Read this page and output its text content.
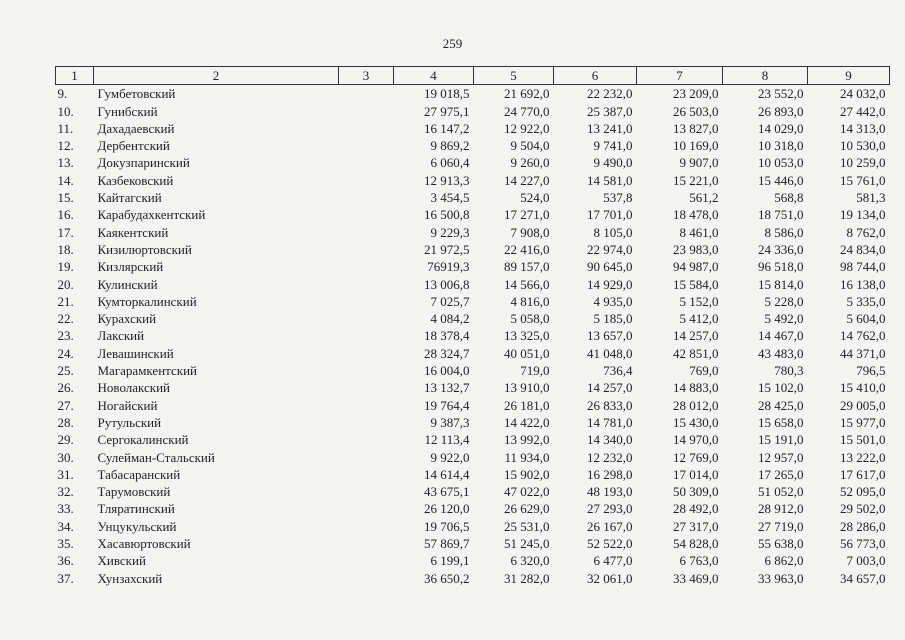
259
1	2	3	4	5	6	7	8	9
9.	Гумбетовский		19 018,5	21 692,0	22 232,0	23 209,0	23 552,0	24 032,0
10.	Гунибский		27 975,1	24 770,0	25 387,0	26 503,0	26 893,0	27 442,0
11.	Дахадаевский		16 147,2	12 922,0	13 241,0	13 827,0	14 029,0	14 313,0
12.	Дербентский		9 869,2	9 504,0	9 741,0	10 169,0	10 318,0	10 530,0
13.	Докузпаринский		6 060,4	9 260,0	9 490,0	9 907,0	10 053,0	10 259,0
14.	Казбековский		12 913,3	14 227,0	14 581,0	15 221,0	15 446,0	15 761,0
15.	Кайтагский		3 454,5	524,0	537,8	561,2	568,8	581,3
16.	Карабудахкентский		16 500,8	17 271,0	17 701,0	18 478,0	18 751,0	19 134,0
17.	Каякентский		9 229,3	7 908,0	8 105,0	8 461,0	8 586,0	8 762,0
18.	Кизилюртовский		21 972,5	22 416,0	22 974,0	23 983,0	24 336,0	24 834,0
19.	Кизлярский		76919,3	89 157,0	90 645,0	94 987,0	96 518,0	98 744,0
20.	Кулинский		13 006,8	14 566,0	14 929,0	15 584,0	15 814,0	16 138,0
21.	Кумторкалинский		7 025,7	4 816,0	4 935,0	5 152,0	5 228,0	5 335,0
22.	Курахский		4 084,2	5 058,0	5 185,0	5 412,0	5 492,0	5 604,0
23.	Лакский		18 378,4	13 325,0	13 657,0	14 257,0	14 467,0	14 762,0
24.	Левашинский		28 324,7	40 051,0	41 048,0	42 851,0	43 483,0	44 371,0
25.	Магарамкентский		16 004,0	719,0	736,4	769,0	780,3	796,5
26.	Новолакский		13 132,7	13 910,0	14 257,0	14 883,0	15 102,0	15 410,0
27.	Ногайский		19 764,4	26 181,0	26 833,0	28 012,0	28 425,0	29 005,0
28.	Рутульский		9 387,3	14 422,0	14 781,0	15 430,0	15 658,0	15 977,0
29.	Сергокалинский		12 113,4	13 992,0	14 340,0	14 970,0	15 191,0	15 501,0
30.	Сулейман-Стальский		9 922,0	11 934,0	12 232,0	12 769,0	12 957,0	13 222,0
31.	Табасаранский		14 614,4	15 902,0	16 298,0	17 014,0	17 265,0	17 617,0
32.	Тарумовский		43 675,1	47 022,0	48 193,0	50 309,0	51 052,0	52 095,0
33.	Тляратинский		26 120,0	26 629,0	27 293,0	28 492,0	28 912,0	29 502,0
34.	Унцукульский		19 706,5	25 531,0	26 167,0	27 317,0	27 719,0	28 286,0
35.	Хасавюртовский		57 869,7	51 245,0	52 522,0	54 828,0	55 638,0	56 773,0
36.	Хивский		6 199,1	6 320,0	6 477,0	6 763,0	6 862,0	7 003,0
37.	Хунзахский		36 650,2	31 282,0	32 061,0	33 469,0	33 963,0	34 657,0
